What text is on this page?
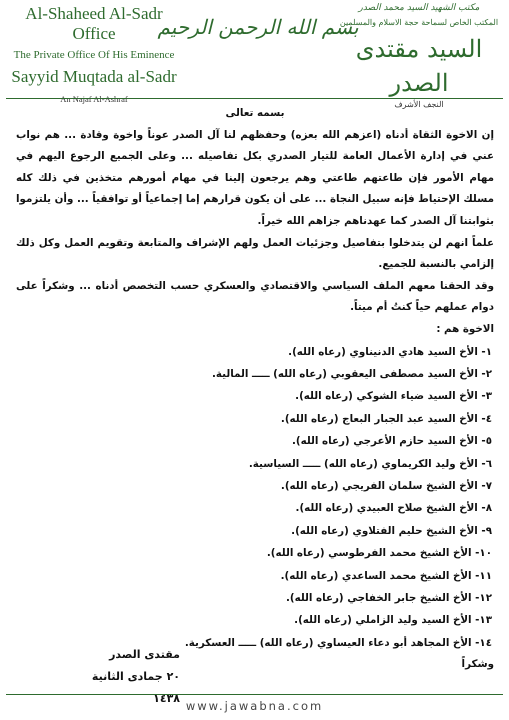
Al-Shaheed Al-Sadr Office
The Private Office Of His Eminence
Sayyid Muqtada al-Sadr
An Najaf Al-Ashraf
بسم الله الرحمن الرحيم
مكتب الشهيد السيد محمد الصدر
المكتب الخاص لسماحة حجة الاسلام والمسلمين
السيد مقتدى الصدر
النجف الأشرف

بسمه تعالى

إن الاخوة الثقاة أدناه (اعزهم الله بعزه) وحفظهم لنا آل الصدر عوناً واخوة وقادة ... هم نواب عني في إدارة الأعمال العامة للتيار الصدري بكل تفاصيله ... وعلى الجميع الرجوع اليهم في مهام الأمور فإن طاعتهم طاعتي وهم يرجعون إلينا في مهام أمورهم متخذين في ذلك كله مسلك الإحتياط فإنه سبيل النجاة ... على أن يكون قرارهم إما إجماعياً أو توافقياً ... وأن يلتزموا بثوابتنا آل الصدر كما عهدناهم جزاهم الله خيراً.

علماً انهم لن يتدخلوا بتفاصيل وجزئيات العمل ولهم الإشراف والمتابعة وتقويم العمل وكل ذلك إلزامي بالنسبة للجميع.

وقد الحقنا معهم الملف السياسي والاقتصادي والعسكري حسب التخصص أدناه ... وشكراً على دوام عملهم حياً كنتُ أم ميتاً.

الاخوة هم :

١- الأخ السيد هادي الدنيناوي (رعاه الله).
٢- الأخ السيد مصطفى اليعقوبي (رعاه الله) ـــــ المالية.
٣- الأخ السيد ضياء الشوكي (رعاه الله).
٤- الأخ السيد عبد الجبار البعاج (رعاه الله).
٥- الأخ السيد حازم الأعرجي (رعاه الله).
٦- الأخ وليد الكريماوي (رعاه الله) ـــــ السياسية.
٧- الأخ الشيخ سلمان الفريجي (رعاه الله).
٨- الأخ الشيخ صلاح العبيدي (رعاه الله).
٩- الأخ الشيخ حليم الفتلاوي (رعاه الله).
١٠- الأخ الشيخ محمد الفرطوسي (رعاه الله).
١١- الأخ الشيخ محمد الساعدي (رعاه الله).
١٢- الأخ الشيخ جابر الخفاجي (رعاه الله).
١٣- الأخ السيد وليد الزاملي (رعاه الله).
١٤- الأخ المجاهد أبو دعاء العيساوي (رعاه الله) ـــــ العسكرية.

وشكراً

مقتدى الصدر
٢٠ جمادى الثانية ١٤٣٨
www.jawabna.com
